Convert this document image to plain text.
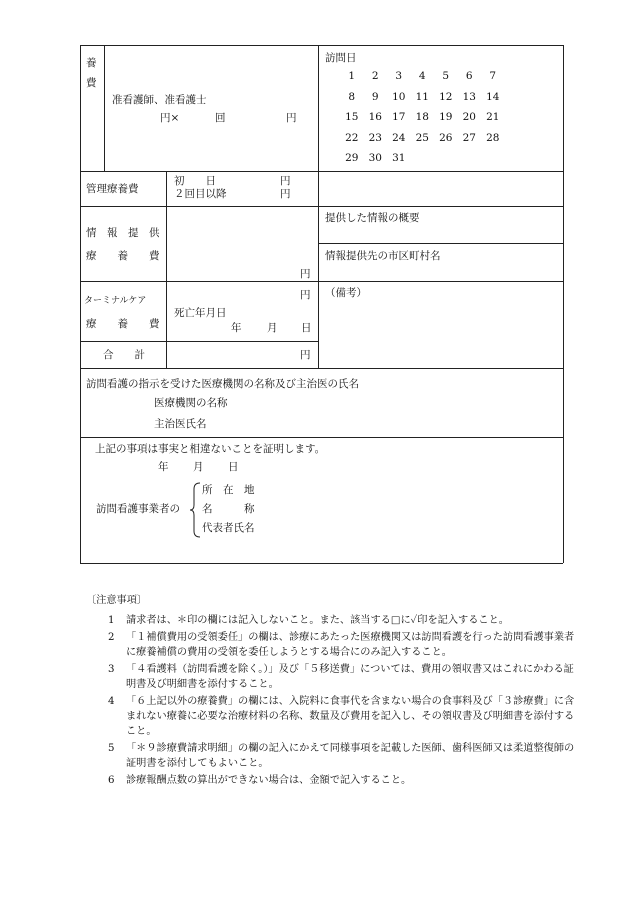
養
費
准看護師、准看護士
円×	回	円
訪問日
1	2	3	4	5	6	7
8	9	10 11 12 13 14
15 16 17 18 19 20 21
22 23 24 25 26 27 28
29 30 31
管理療養費
初　　日	円
２回目以降	円
情　報　提　供
療　　養　　費
円
提供した情報の概要
情報提供先の市区町村名
ターミナルケア
療　　養　　費
円
死亡年月日
年 月 日
（備考）
合　　計	円
訪問看護の指示を受けた医療機関の名称及び主治医の氏名
医療機関の名称
主治医氏名
上記の事項は事実と相違ないことを証明します。
年 月 日
訪問看護事業者の
所　在　地
名　　　称
代表者氏名
〔注意事項〕
1 請求者は、＊印の欄には記入しないこと。また、該当する□に✓印を記入すること。
2 「１補償費用の受領委任」の欄は、診療にあたった医療機関又は訪問看護を行った訪問看護事業者に療養補償の費用の受領を委任しようとする場合にのみ記入すること。
3 「４看護料（訪問看護を除く。）」及び「５移送費」については、費用の領収書又はこれにかわる証明書及び明細書を添付すること。
4 「６上記以外の療養費」の欄には、入院料に食事代を含まない場合の食事料及び「３診療費」に含まれない療養に必要な治療材料の名称、数量及び費用を記入し、その領収書及び明細書を添付すること。
5 「＊９診療費請求明細」の欄の記入にかえて同様事項を記載した医師、歯科医師又は柔道整復師の証明書を添付してもよいこと。
6 診療報酬点数の算出ができない場合は、金額で記入すること。
